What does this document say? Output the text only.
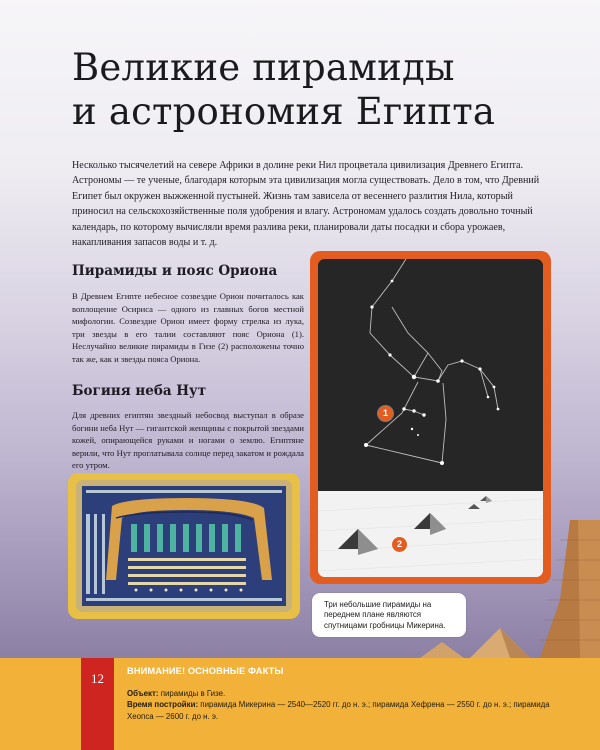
Великие пирамиды
и астрономия Египта

Несколько тысячелетий на севере Африки в долине реки Нил процветала цивилизация Древнего Египта. Астрономы — те ученые, благодаря которым эта цивилизация могла существовать. Дело в том, что Древний Египет был окружен выжженной пустыней. Жизнь там зависела от весеннего разлития Нила, который приносил на сельскохозяйственные поля удобрения и влагу. Астрономам удалось создать довольно точный календарь, по которому вычисляли время разлива реки, планировали даты посадки и сбора урожаев, накапливания запасов воды и т. д.

Пирамиды и пояс Ориона

В Древнем Египте небесное созвездие Орион почиталось как воплощение Осириса — одного из главных богов местной мифологии. Созвездие Орион имеет форму стрелка из лука, три звезды в его талии составляют пояс Ориона (1). Неслучайно великие пирамиды в Гизе (2) расположены точно так же, как и звезды пояса Ориона.

Богиня неба Нут

Для древних египтян звездный небосвод выступал в образе богини неба Нут — гигантской женщины с покрытой звездами кожей, опирающейся руками и ногами о землю. Египтяне верили, что Нут проглатывала солнце перед закатом и рождала его утром.

1
2

Три небольшие пирамиды на переднем плане являются спутницами гробницы Микерина.

12	ВНИМАНИЕ! ОСНОВНЫЕ ФАКТЫ

Объект: пирамиды в Гизе.
Время постройки: пирамида Микерина — 2540—2520 гг. до н. э.; пирамида Хефрена — 2550 г. до н. э.; пирамида Хеопса — 2600 г. до н. э.
